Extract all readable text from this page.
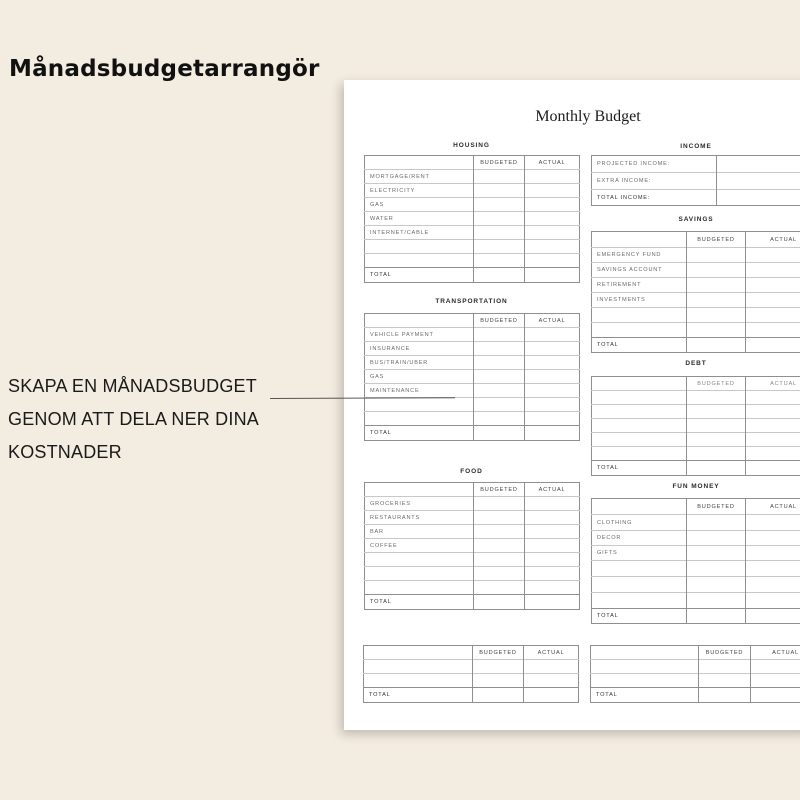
Månadsbudgetarrangör
SKAPA EN MÅNADSBUDGET
GENOM ATT DELA NER DINA
KOSTNADER
Monthly Budget
HOUSING
	BUDGETED	ACTUAL
MORTGAGE/RENT		
ELECTRICITY		
GAS		
WATER		
INTERNET/CABLE		

TOTAL		
TRANSPORTATION
	BUDGETED	ACTUAL
VEHICLE PAYMENT		
INSURANCE		
BUS/TRAIN/UBER		
GAS		
MAINTENANCE		

TOTAL		
FOOD
	BUDGETED	ACTUAL
GROCERIES		
RESTAURANTS		
BAR		
COFFEE		

TOTAL		
	BUDGETED	ACTUAL

TOTAL		
INCOME
PROJECTED INCOME:	
EXTRA INCOME:	
TOTAL INCOME:	
SAVINGS
	BUDGETED	ACTUAL
EMERGENCY FUND		
SAVINGS ACCOUNT		
RETIREMENT		
INVESTMENTS		

TOTAL		
DEBT
	BUDGETED	ACTUAL

TOTAL		
FUN MONEY
	BUDGETED	ACTUAL
CLOTHING		
DECOR		
GIFTS		

TOTAL		
	BUDGETED	ACTUAL

TOTAL		
